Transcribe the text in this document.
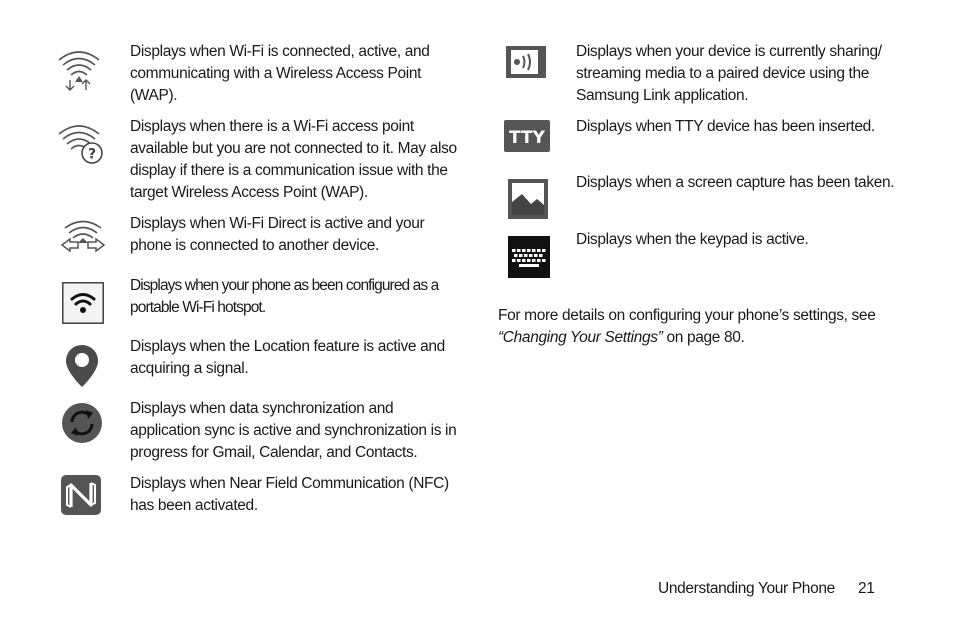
Displays when Wi-Fi is connected, active, and communicating with a Wireless Access Point (WAP).

?

Displays when there is a Wi-Fi access point available but you are not connected to it. May also display if there is a communication issue with the target Wireless Access Point (WAP).

Displays when Wi-Fi Direct is active and your phone is connected to another device.

Displays when your phone as been configured as a portable Wi-Fi hotspot.

Displays when the Location feature is active and acquiring a signal.

Displays when data synchronization and application sync is active and synchronization is in progress for Gmail, Calendar, and Contacts.

Displays when Near Field Communication (NFC) has been activated.

Displays when your device is currently sharing/ streaming media to a paired device using the Samsung Link application.

TTY

Displays when TTY device has been inserted.

Displays when a screen capture has been taken.

Displays when the keypad is active.

For more details on configuring your phone’s settings, see
“Changing Your Settings” on page 80.

Understanding Your Phone 21
